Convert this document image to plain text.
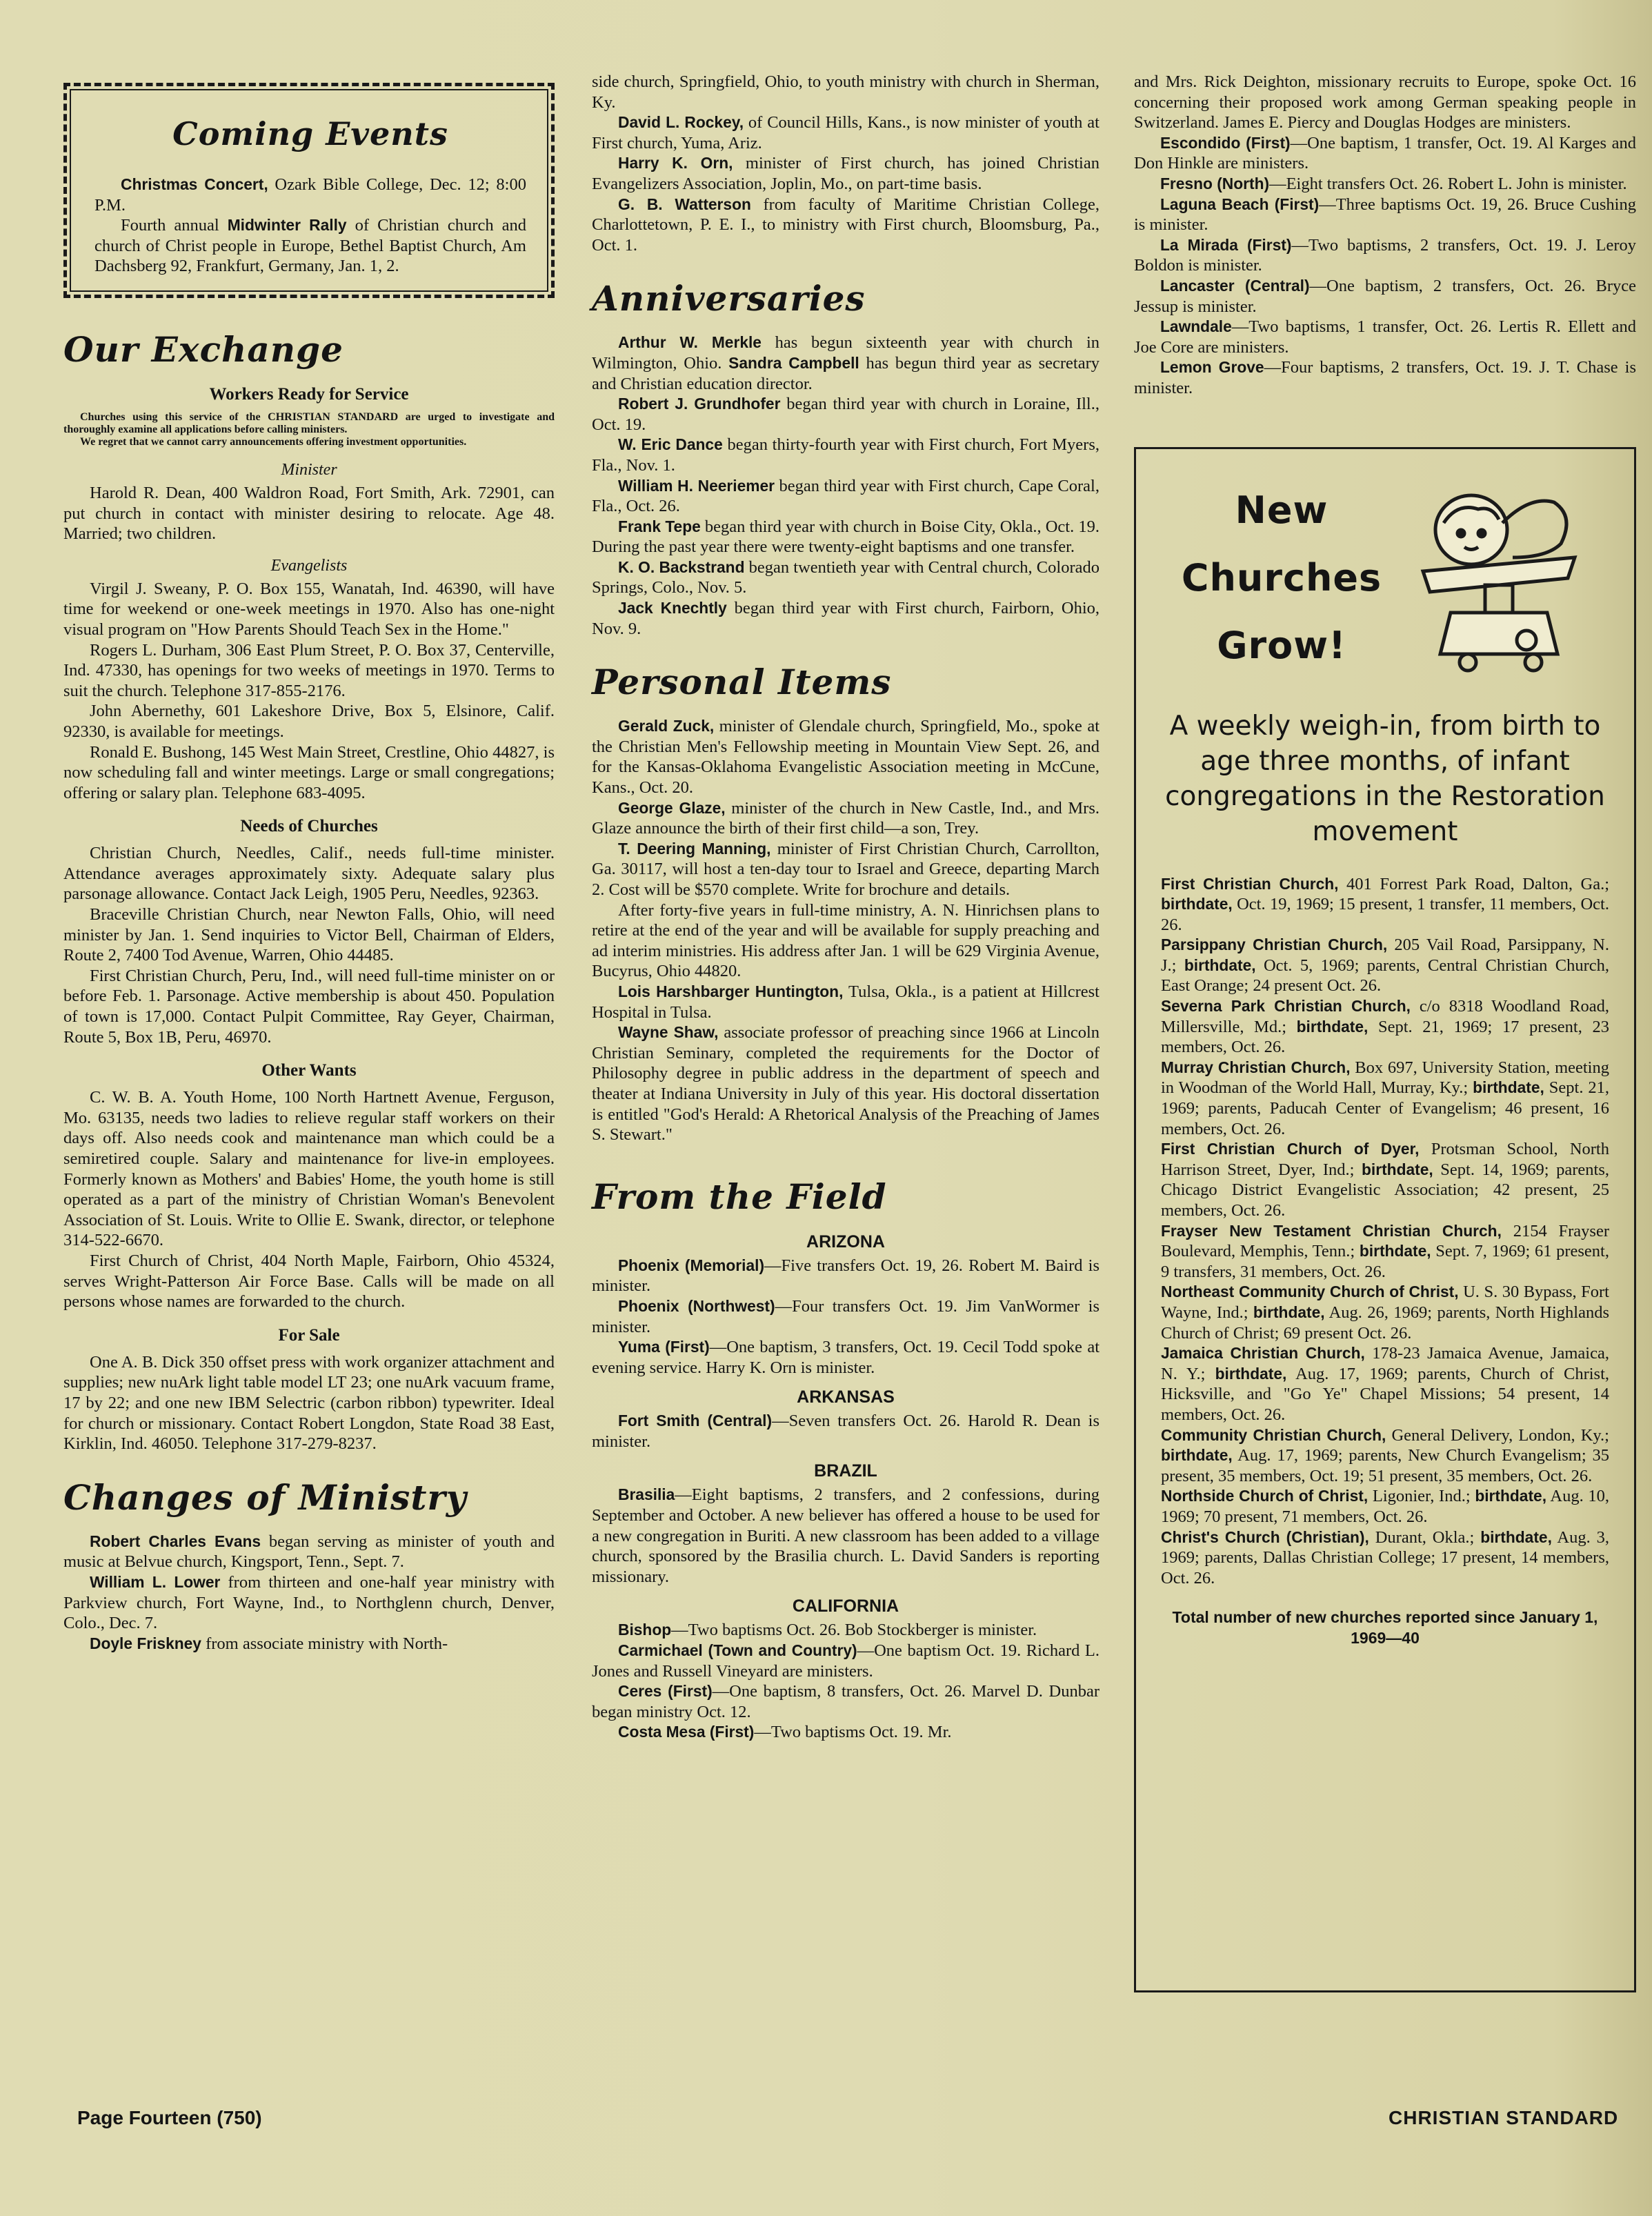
Coming Events

Christmas Concert, Ozark Bible College, Dec. 12; 8:00 P.M.

Fourth annual Midwinter Rally of Christian church and church of Christ people in Europe, Bethel Baptist Church, Am Dachsberg 92, Frankfurt, Germany, Jan. 1, 2.

Our Exchange
Workers Ready for Service

Churches using this service of the CHRISTIAN STANDARD are urged to investigate and thoroughly examine all applications before calling ministers.

We regret that we cannot carry announcements offering investment opportunities.

Minister

Harold R. Dean, 400 Waldron Road, Fort Smith, Ark. 72901, can put church in contact with minister desiring to relocate. Age 48. Married; two children.

Evangelists

Virgil J. Sweany, P. O. Box 155, Wanatah, Ind. 46390, will have time for weekend or one-week meetings in 1970. Also has one-night visual program on "How Parents Should Teach Sex in the Home."

Rogers L. Durham, 306 East Plum Street, P. O. Box 37, Centerville, Ind. 47330, has openings for two weeks of meetings in 1970. Terms to suit the church. Telephone 317-855-2176.

John Abernethy, 601 Lakeshore Drive, Box 5, Elsinore, Calif. 92330, is available for meetings.

Ronald E. Bushong, 145 West Main Street, Crestline, Ohio 44827, is now scheduling fall and winter meetings. Large or small congregations; offering or salary plan. Telephone 683-4095.

Needs of Churches

Christian Church, Needles, Calif., needs full-time minister. Attendance averages approximately sixty. Adequate salary plus parsonage allowance. Contact Jack Leigh, 1905 Peru, Needles, 92363.

Braceville Christian Church, near Newton Falls, Ohio, will need minister by Jan. 1. Send inquiries to Victor Bell, Chairman of Elders, Route 2, 7400 Tod Avenue, Warren, Ohio 44485.

First Christian Church, Peru, Ind., will need full-time minister on or before Feb. 1. Parsonage. Active membership is about 450. Population of town is 17,000. Contact Pulpit Committee, Ray Geyer, Chairman, Route 5, Box 1B, Peru, 46970.

Other Wants

C. W. B. A. Youth Home, 100 North Hartnett Avenue, Ferguson, Mo. 63135, needs two ladies to relieve regular staff workers on their days off. Also needs cook and maintenance man which could be a semiretired couple. Salary and maintenance for live-in employees. Formerly known as Mothers' and Babies' Home, the youth home is still operated as a part of the ministry of Christian Woman's Benevolent Association of St. Louis. Write to Ollie E. Swank, director, or telephone 314-522-6670.

First Church of Christ, 404 North Maple, Fairborn, Ohio 45324, serves Wright-Patterson Air Force Base. Calls will be made on all persons whose names are forwarded to the church.

For Sale

One A. B. Dick 350 offset press with work organizer attachment and supplies; new nuArk light table model LT 23; one nuArk vacuum frame, 17 by 22; and one new IBM Selectric (carbon ribbon) typewriter. Ideal for church or missionary. Contact Robert Longdon, State Road 38 East, Kirklin, Ind. 46050. Telephone 317-279-8237.

Changes of Ministry

Robert Charles Evans began serving as minister of youth and music at Belvue church, Kingsport, Tenn., Sept. 7.

William L. Lower from thirteen and one-half year ministry with Parkview church, Fort Wayne, Ind., to Northglenn church, Denver, Colo., Dec. 7.

Doyle Friskney from associate ministry with North-

side church, Springfield, Ohio, to youth ministry with church in Sherman, Ky.

David L. Rockey, of Council Hills, Kans., is now minister of youth at First church, Yuma, Ariz.

Harry K. Orn, minister of First church, has joined Christian Evangelizers Association, Joplin, Mo., on part-time basis.

G. B. Watterson from faculty of Maritime Christian College, Charlottetown, P. E. I., to ministry with First church, Bloomsburg, Pa., Oct. 1.

Anniversaries

Arthur W. Merkle has begun sixteenth year with church in Wilmington, Ohio. Sandra Campbell has begun third year as secretary and Christian education director.

Robert J. Grundhofer began third year with church in Loraine, Ill., Oct. 19.

W. Eric Dance began thirty-fourth year with First church, Fort Myers, Fla., Nov. 1.

William H. Neeriemer began third year with First church, Cape Coral, Fla., Oct. 26.

Frank Tepe began third year with church in Boise City, Okla., Oct. 19. During the past year there were twenty-eight baptisms and one transfer.

K. O. Backstrand began twentieth year with Central church, Colorado Springs, Colo., Nov. 5.

Jack Knechtly began third year with First church, Fairborn, Ohio, Nov. 9.

Personal Items

Gerald Zuck, minister of Glendale church, Springfield, Mo., spoke at the Christian Men's Fellowship meeting in Mountain View Sept. 26, and for the Kansas-Oklahoma Evangelistic Association meeting in McCune, Kans., Oct. 20.

George Glaze, minister of the church in New Castle, Ind., and Mrs. Glaze announce the birth of their first child—a son, Trey.

T. Deering Manning, minister of First Christian Church, Carrollton, Ga. 30117, will host a ten-day tour to Israel and Greece, departing March 2. Cost will be $570 complete. Write for brochure and details.

After forty-five years in full-time ministry, A. N. Hinrichsen plans to retire at the end of the year and will be available for supply preaching and ad interim ministries. His address after Jan. 1 will be 629 Virginia Avenue, Bucyrus, Ohio 44820.

Lois Harshbarger Huntington, Tulsa, Okla., is a patient at Hillcrest Hospital in Tulsa.

Wayne Shaw, associate professor of preaching since 1966 at Lincoln Christian Seminary, completed the requirements for the Doctor of Philosophy degree in public address in the department of speech and theater at Indiana University in July of this year. His doctoral dissertation is entitled "God's Herald: A Rhetorical Analysis of the Preaching of James S. Stewart."

From the Field
ARIZONA

Phoenix (Memorial)—Five transfers Oct. 19, 26. Robert M. Baird is minister.

Phoenix (Northwest)—Four transfers Oct. 19. Jim VanWormer is minister.

Yuma (First)—One baptism, 3 transfers, Oct. 19. Cecil Todd spoke at evening service. Harry K. Orn is minister.

ARKANSAS

Fort Smith (Central)—Seven transfers Oct. 26. Harold R. Dean is minister.

BRAZIL

Brasilia—Eight baptisms, 2 transfers, and 2 confessions, during September and October. A new believer has offered a house to be used for a new congregation in Buriti. A new classroom has been added to a village church, sponsored by the Brasilia church. L. David Sanders is reporting missionary.

CALIFORNIA

Bishop—Two baptisms Oct. 26. Bob Stockberger is minister.

Carmichael (Town and Country)—One baptism Oct. 19. Richard L. Jones and Russell Vineyard are ministers.

Ceres (First)—One baptism, 8 transfers, Oct. 26. Marvel D. Dunbar began ministry Oct. 12.

Costa Mesa (First)—Two baptisms Oct. 19. Mr.

and Mrs. Rick Deighton, missionary recruits to Europe, spoke Oct. 16 concerning their proposed work among German speaking people in Switzerland. James E. Piercy and Douglas Hodges are ministers.

Escondido (First)—One baptism, 1 transfer, Oct. 19. Al Karges and Don Hinkle are ministers.

Fresno (North)—Eight transfers Oct. 26. Robert L. John is minister.

Laguna Beach (First)—Three baptisms Oct. 19, 26. Bruce Cushing is minister.

La Mirada (First)—Two baptisms, 2 transfers, Oct. 19. J. Leroy Boldon is minister.

Lancaster (Central)—One baptism, 2 transfers, Oct. 26. Bryce Jessup is minister.

Lawndale—Two baptisms, 1 transfer, Oct. 26. Lertis R. Ellett and Joe Core are ministers.

Lemon Grove—Four baptisms, 2 transfers, Oct. 19. J. T. Chase is minister.

New
Churches
Grow!
A weekly weigh-in, from birth to age three months, of infant congregations in the Restoration movement

First Christian Church, 401 Forrest Park Road, Dalton, Ga.; birthdate, Oct. 19, 1969; 15 present, 1 transfer, 11 members, Oct. 26.

Parsippany Christian Church, 205 Vail Road, Parsippany, N. J.; birthdate, Oct. 5, 1969; parents, Central Christian Church, East Orange; 24 present Oct. 26.

Severna Park Christian Church, c/o 8318 Woodland Road, Millersville, Md.; birthdate, Sept. 21, 1969; 17 present, 23 members, Oct. 26.

Murray Christian Church, Box 697, University Station, meeting in Woodman of the World Hall, Murray, Ky.; birthdate, Sept. 21, 1969; parents, Paducah Center of Evangelism; 46 present, 16 members, Oct. 26.

First Christian Church of Dyer, Protsman School, North Harrison Street, Dyer, Ind.; birthdate, Sept. 14, 1969; parents, Chicago District Evangelistic Association; 42 present, 25 members, Oct. 26.

Frayser New Testament Christian Church, 2154 Frayser Boulevard, Memphis, Tenn.; birthdate, Sept. 7, 1969; 61 present, 9 transfers, 31 members, Oct. 26.

Northeast Community Church of Christ, U. S. 30 Bypass, Fort Wayne, Ind.; birthdate, Aug. 26, 1969; parents, North Highlands Church of Christ; 69 present Oct. 26.

Jamaica Christian Church, 178-23 Jamaica Avenue, Jamaica, N. Y.; birthdate, Aug. 17, 1969; parents, Church of Christ, Hicksville, and "Go Ye" Chapel Missions; 54 present, 14 members, Oct. 26.

Community Christian Church, General Delivery, London, Ky.; birthdate, Aug. 17, 1969; parents, New Church Evangelism; 35 present, 35 members, Oct. 19; 51 present, 35 members, Oct. 26.

Northside Church of Christ, Ligonier, Ind.; birthdate, Aug. 10, 1969; 70 present, 71 members, Oct. 26.

Christ's Church (Christian), Durant, Okla.; birthdate, Aug. 3, 1969; parents, Dallas Christian College; 17 present, 14 members, Oct. 26.

Total number of new churches reported since January 1, 1969—40
Page Fourteen (750)	CHRISTIAN STANDARD
